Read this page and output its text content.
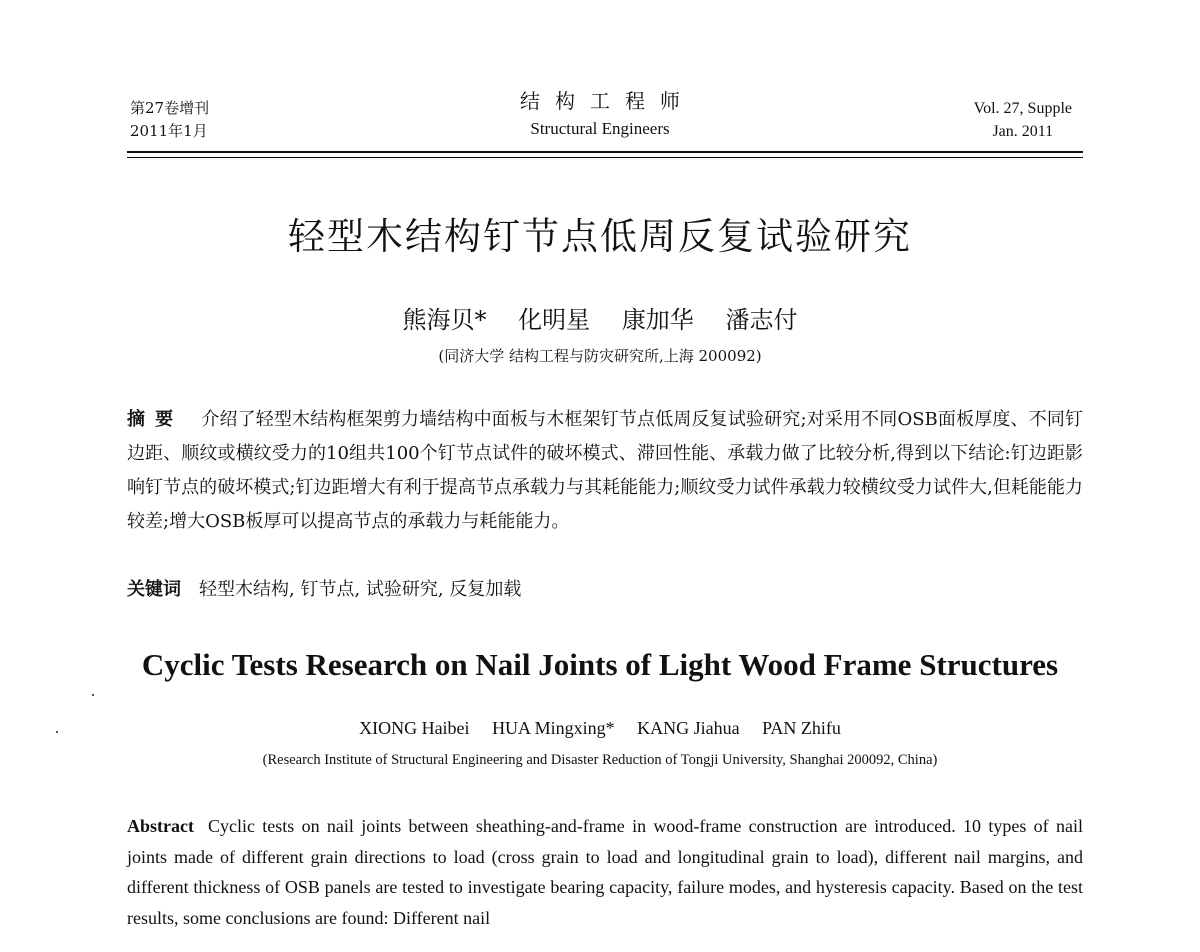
第27卷增刊
2011年1月
结构工程师
Structural Engineers
Vol. 27, Supple
Jan. 2011
轻型木结构钉节点低周反复试验研究
熊海贝* 化明星 康加华 潘志付
(同济大学 结构工程与防灾研究所,上海 200092)
摘要 介绍了轻型木结构框架剪力墙结构中面板与木框架钉节点低周反复试验研究;对采用不同OSB面板厚度、不同钉边距、顺纹或横纹受力的10组共100个钉节点试件的破坏模式、滞回性能、承载力做了比较分析,得到以下结论:钉边距影响钉节点的破坏模式;钉边距增大有利于提高节点承载力与其耗能能力;顺纹受力试件承载力较横纹受力试件大,但耗能能力较差;增大OSB板厚可以提高节点的承载力与耗能能力。
关键词 轻型木结构, 钉节点, 试验研究, 反复加载
Cyclic Tests Research on Nail Joints of Light Wood Frame Structures
XIONG Haibei HUA Mingxing* KANG Jiahua PAN Zhifu
(Research Institute of Structural Engineering and Disaster Reduction of Tongji University, Shanghai 200092, China)
Abstract Cyclic tests on nail joints between sheathing-and-frame in wood-frame construction are introduced. 10 types of nail joints made of different grain directions to load (cross grain to load and longitudinal grain to load), different nail margins, and different thickness of OSB panels are tested to investigate bearing capacity, failure modes, and hysteresis capacity. Based on the test results, some conclusions are found: Different nail
